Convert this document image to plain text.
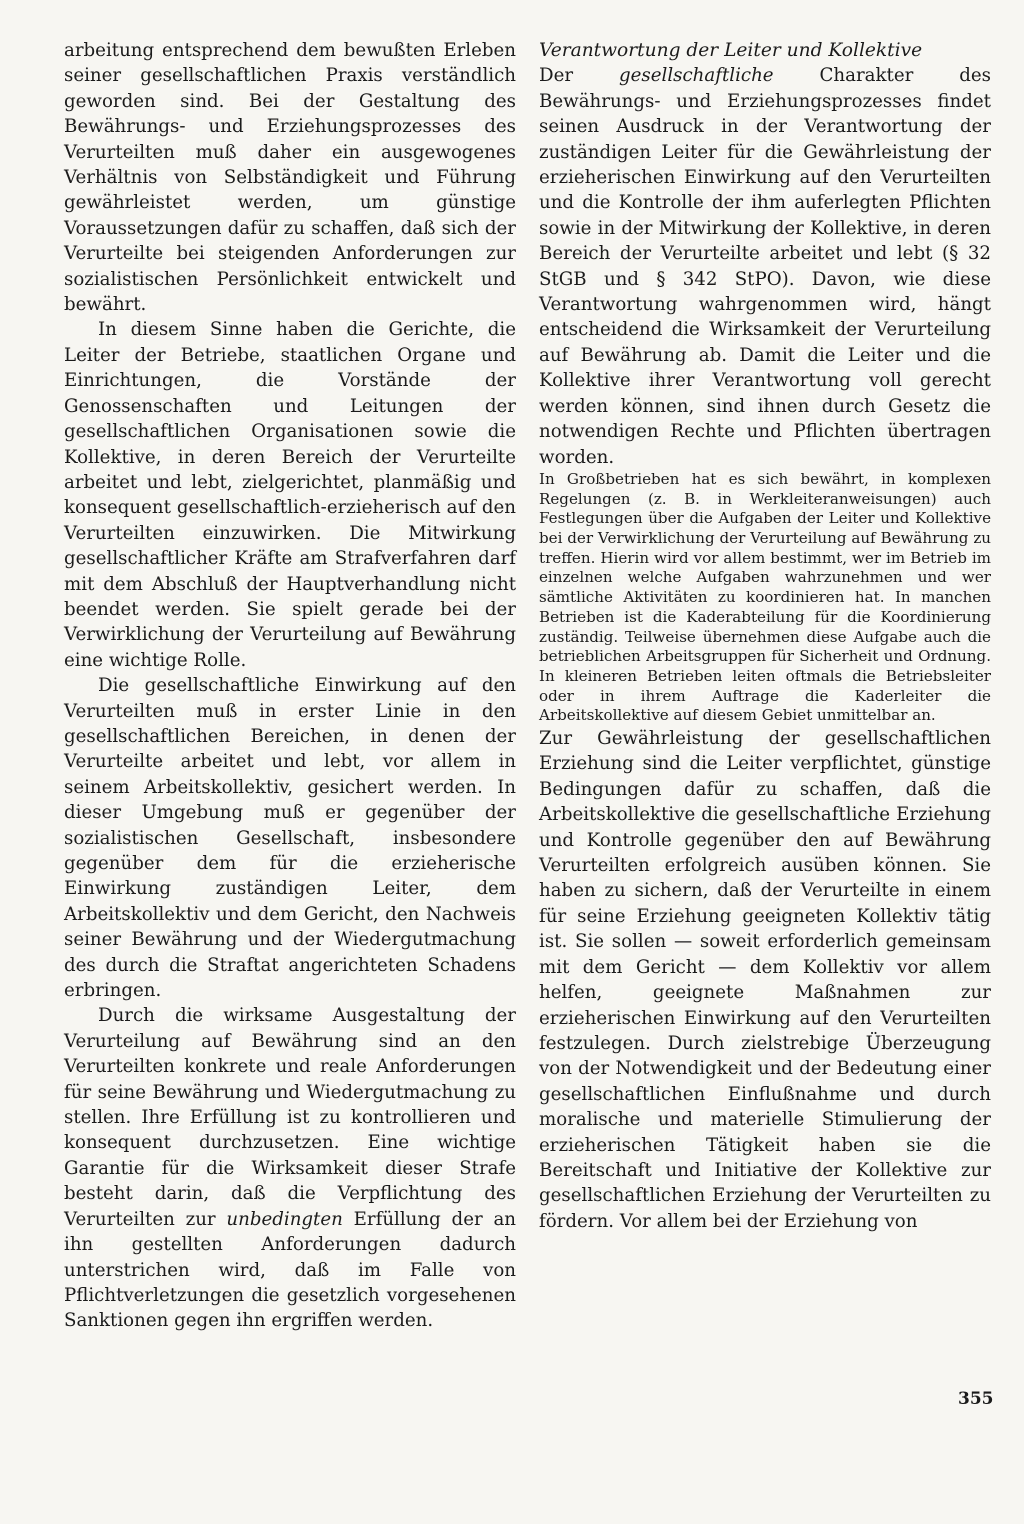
arbeitung entsprechend dem bewußten Erleben seiner gesellschaftlichen Praxis verständlich geworden sind. Bei der Gestaltung des Bewährungs- und Erziehungsprozesses des Verurteilten muß daher ein ausgewogenes Verhältnis von Selbständigkeit und Führung gewährleistet werden, um günstige Voraussetzungen dafür zu schaffen, daß sich der Verurteilte bei steigenden Anforderungen zur sozialistischen Persönlichkeit entwickelt und bewährt.

In diesem Sinne haben die Gerichte, die Leiter der Betriebe, staatlichen Organe und Einrichtungen, die Vorstände der Genossenschaften und Leitungen der gesellschaftlichen Organisationen sowie die Kollektive, in deren Bereich der Verurteilte arbeitet und lebt, zielgerichtet, planmäßig und konsequent gesellschaftlich-erzieherisch auf den Verurteilten einzuwirken. Die Mitwirkung gesellschaftlicher Kräfte am Strafverfahren darf mit dem Abschluß der Hauptverhandlung nicht beendet werden. Sie spielt gerade bei der Verwirklichung der Verurteilung auf Bewährung eine wichtige Rolle.

Die gesellschaftliche Einwirkung auf den Verurteilten muß in erster Linie in den gesellschaftlichen Bereichen, in denen der Verurteilte arbeitet und lebt, vor allem in seinem Arbeitskollektiv, gesichert werden. In dieser Umgebung muß er gegenüber der sozialistischen Gesellschaft, insbesondere gegenüber dem für die erzieherische Einwirkung zuständigen Leiter, dem Arbeitskollektiv und dem Gericht, den Nachweis seiner Bewährung und der Wiedergutmachung des durch die Straftat angerichteten Schadens erbringen.

Durch die wirksame Ausgestaltung der Verurteilung auf Bewährung sind an den Verurteilten konkrete und reale Anforderungen für seine Bewährung und Wiedergutmachung zu stellen. Ihre Erfüllung ist zu kontrollieren und konsequent durchzusetzen. Eine wichtige Garantie für die Wirksamkeit dieser Strafe besteht darin, daß die Verpflichtung des Verurteilten zur unbedingten Erfüllung der an ihn gestellten Anforderungen dadurch unterstrichen wird, daß im Falle von Pflichtverletzungen die gesetzlich vorgesehenen Sanktionen gegen ihn ergriffen werden.

Verantwortung der Leiter und Kollektive

Der gesellschaftliche Charakter des Bewährungs- und Erziehungsprozesses findet seinen Ausdruck in der Verantwortung der zuständigen Leiter für die Gewährleistung der erzieherischen Einwirkung auf den Verurteilten und die Kontrolle der ihm auferlegten Pflichten sowie in der Mitwirkung der Kollektive, in deren Bereich der Verurteilte arbeitet und lebt (§ 32 StGB und § 342 StPO). Davon, wie diese Verantwortung wahrgenommen wird, hängt entscheidend die Wirksamkeit der Verurteilung auf Bewährung ab. Damit die Leiter und die Kollektive ihrer Verantwortung voll gerecht werden können, sind ihnen durch Gesetz die notwendigen Rechte und Pflichten übertragen worden.

In Großbetrieben hat es sich bewährt, in komplexen Regelungen (z. B. in Werkleiteranweisungen) auch Festlegungen über die Aufgaben der Leiter und Kollektive bei der Verwirklichung der Verurteilung auf Bewährung zu treffen. Hierin wird vor allem bestimmt, wer im Betrieb im einzelnen welche Aufgaben wahrzunehmen und wer sämtliche Aktivitäten zu koordinieren hat. In manchen Betrieben ist die Kaderabteilung für die Koordinierung zuständig. Teilweise übernehmen diese Aufgabe auch die betrieblichen Arbeitsgruppen für Sicherheit und Ordnung. In kleineren Betrieben leiten oftmals die Betriebsleiter oder in ihrem Auftrage die Kaderleiter die Arbeitskollektive auf diesem Gebiet unmittelbar an.

Zur Gewährleistung der gesellschaftlichen Erziehung sind die Leiter verpflichtet, günstige Bedingungen dafür zu schaffen, daß die Arbeitskollektive die gesellschaftliche Erziehung und Kontrolle gegenüber den auf Bewährung Verurteilten erfolgreich ausüben können. Sie haben zu sichern, daß der Verurteilte in einem für seine Erziehung geeigneten Kollektiv tätig ist. Sie sollen — soweit erforderlich gemeinsam mit dem Gericht — dem Kollektiv vor allem helfen, geeignete Maßnahmen zur erzieherischen Einwirkung auf den Verurteilten festzulegen. Durch zielstrebige Überzeugung von der Notwendigkeit und der Bedeutung einer gesellschaftlichen Einflußnahme und durch moralische und materielle Stimulierung der erzieherischen Tätigkeit haben sie die Bereitschaft und Initiative der Kollektive zur gesellschaftlichen Erziehung der Verurteilten zu fördern. Vor allem bei der Erziehung von

355
